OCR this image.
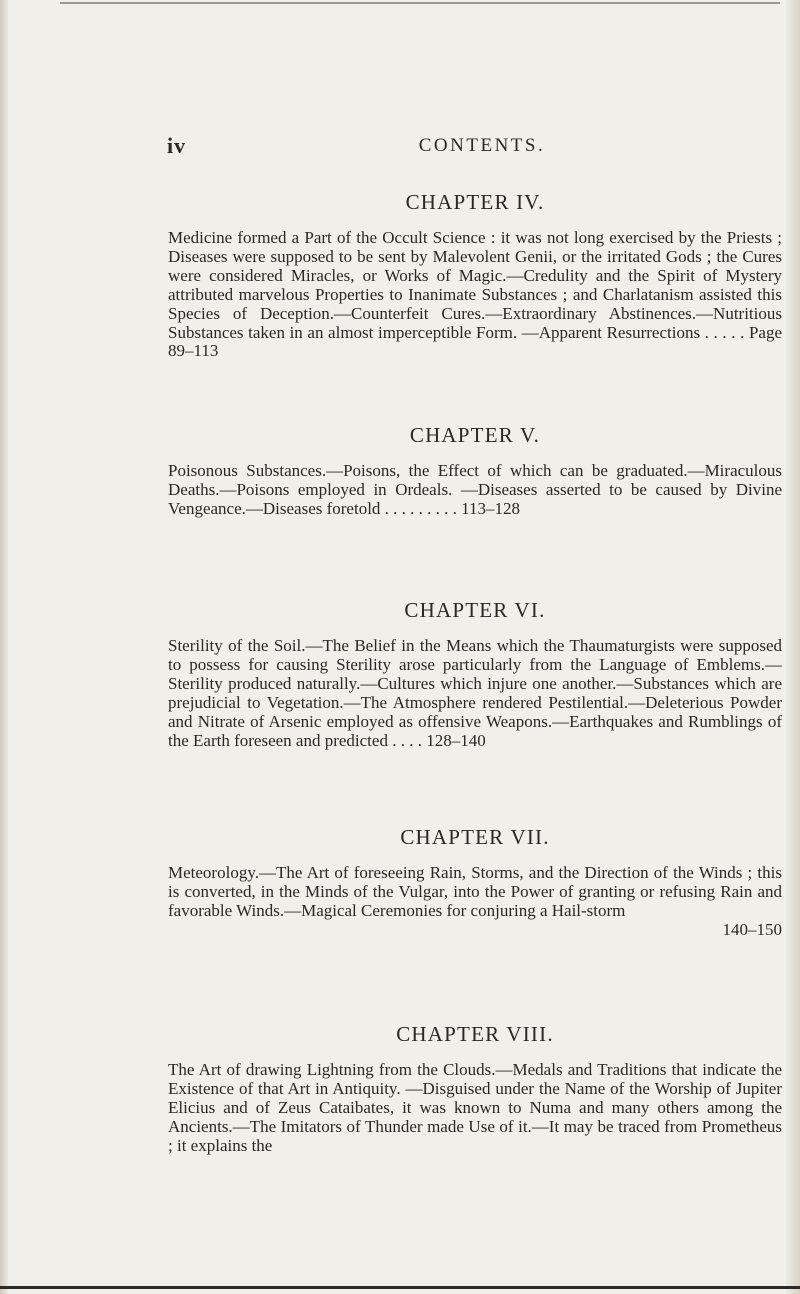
iv	CONTENTS.
CHAPTER IV.

Medicine formed a Part of the Occult Science : it was not long exercised by the Priests ; Diseases were supposed to be sent by Malevolent Genii, or the irritated Gods ; the Cures were considered Miracles, or Works of Magic.—Credulity and the Spirit of Mystery attributed marvelous Properties to Inanimate Substances ; and Charlatanism assisted this Species of Deception.—Counterfeit Cures.—Extraordinary Abstinences.—Nutritious Substances taken in an almost imperceptible Form. —Apparent Resurrections . . . . . Page 89–113

CHAPTER V.

Poisonous Substances.—Poisons, the Effect of which can be graduated.—Miraculous Deaths.—Poisons employed in Ordeals. —Diseases asserted to be caused by Divine Vengeance.—Diseases foretold . . . . . . . . . 113–128

CHAPTER VI.

Sterility of the Soil.—The Belief in the Means which the Thaumaturgists were supposed to possess for causing Sterility arose particularly from the Language of Emblems.—Sterility produced naturally.—Cultures which injure one another.—Substances which are prejudicial to Vegetation.—The Atmosphere rendered Pestilential.—Deleterious Powder and Nitrate of Arsenic employed as offensive Weapons.—Earthquakes and Rumblings of the Earth foreseen and predicted . . . . 128–140

CHAPTER VII.

Meteorology.—The Art of foreseeing Rain, Storms, and the Direction of the Winds ; this is converted, in the Minds of the Vulgar, into the Power of granting or refusing Rain and favorable Winds.—Magical Ceremonies for conjuring a Hail-storm
140–150

CHAPTER VIII.

The Art of drawing Lightning from the Clouds.—Medals and Traditions that indicate the Existence of that Art in Antiquity. —Disguised under the Name of the Worship of Jupiter Elicius and of Zeus Cataibates, it was known to Numa and many others among the Ancients.—The Imitators of Thunder made Use of it.—It may be traced from Prometheus ; it explains the
